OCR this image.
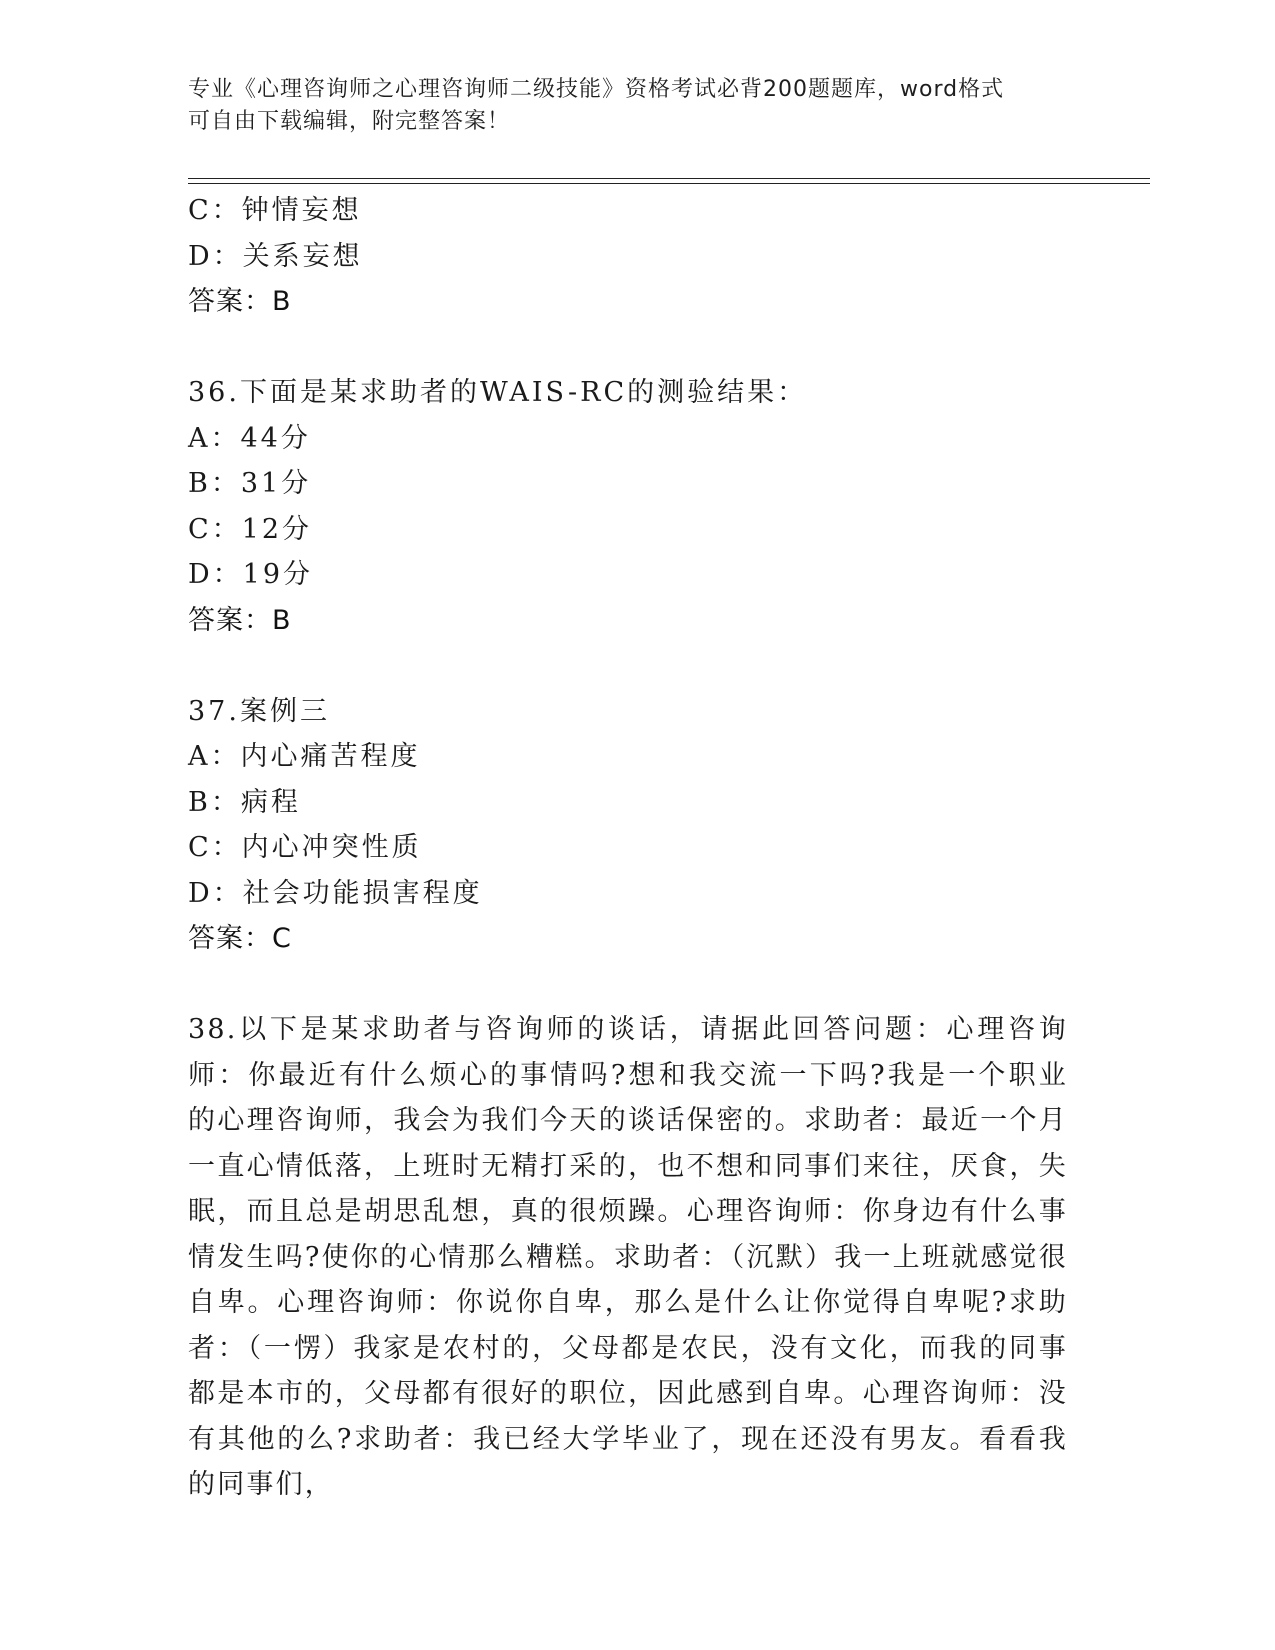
专业《心理咨询师之心理咨询师二级技能》资格考试必背200题题库，word格式
可自由下载编辑，附完整答案！
C：钟情妄想
D：关系妄想
答案：B
36.下面是某求助者的WAIS-RC的测验结果：
A：44分
B：31分
C：12分
D：19分
答案：B
37.案例三
A：内心痛苦程度
B：病程
C：内心冲突性质
D：社会功能损害程度
答案：C
38.以下是某求助者与咨询师的谈话，请据此回答问题：心理咨询师：你最近有什么烦心的事情吗?想和我交流一下吗?我是一个职业的心理咨询师，我会为我们今天的谈话保密的。求助者：最近一个月一直心情低落，上班时无精打采的，也不想和同事们来往，厌食，失眠，而且总是胡思乱想，真的很烦躁。心理咨询师：你身边有什么事情发生吗?使你的心情那么糟糕。求助者：（沉默）我一上班就感觉很自卑。心理咨询师：你说你自卑，那么是什么让你觉得自卑呢?求助者：（一愣）我家是农村的，父母都是农民，没有文化，而我的同事都是本市的，父母都有很好的职位，因此感到自卑。心理咨询师：没有其他的么?求助者：我已经大学毕业了，现在还没有男友。看看我的同事们，
